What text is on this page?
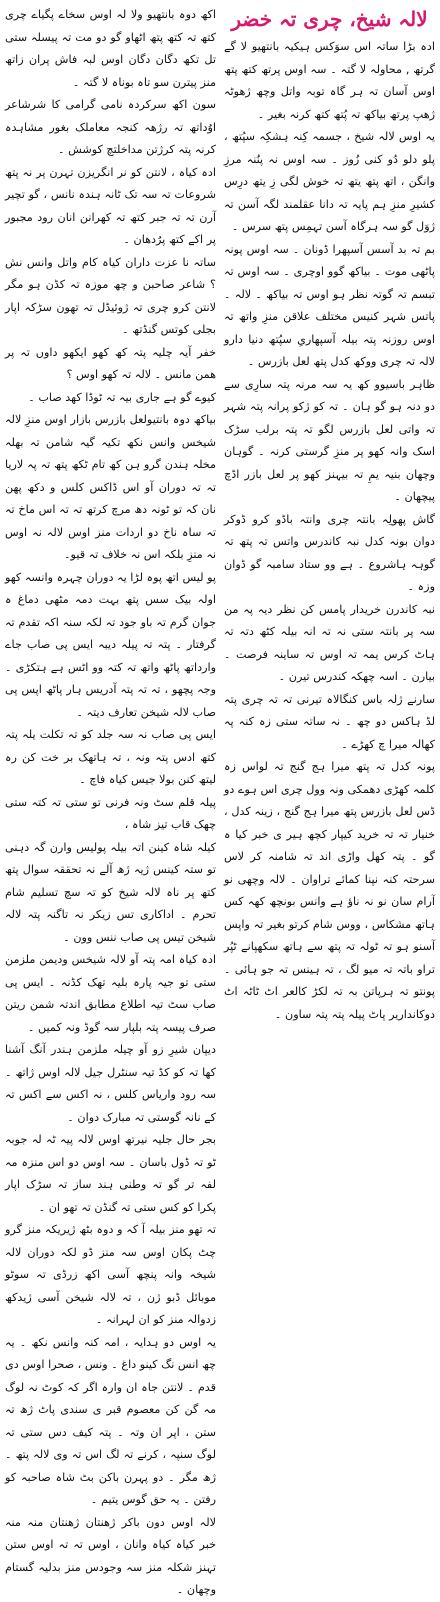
اکھ دوہ بانتھیو ولا لہ اوس سخاے پگیاے چری کتھ تہ کتھ پتھ اٹھاو گو دو مت تہ پیسلہ ستی تل تکھ دگان دگان اوس لبہ فاش پران زاتھ منز پیترن سو تاہ بوناہ لا گتہ ۔

سون اکھ سرکردہ نامی گرامی کا شرشاعر اوُداتھ تہ رژھہ کنجہ معاملک بغور مشاہدہ کرنہ پتہ کرژتن مداخلتچ کوشش ۔

ادہ کیاہ ، لانتن کو نر انگریزن تہرن پر نہ پتھ شروعات تہ سہ تک ٹانہ ہندہ نانس ، گو تچیر آرن تہ تہ جبر کتھ تہ کھرانن انان رود مجبور پر اکے کتھ پرُدھان ۔

ساتہ نا عزت داران کیاہ کام واتل وانس نش ؟ شاعر صاحبن و چھ موزہ تہ کڈن ہو مگر لانتن کرو چری تہ ژوئیڈل تہ تھون سڑکہ اپار بجلی کوتس گنڈتھ ۔

خفر آیہ چلیہ پتہ کھ کھو ایکھو داوں تہ پر ھمن مانس ۔ لالہ تہ کھو اوس ؟

کیوے گو ہے جاری بیہ تہ ٹوڈا کھد صاب ۔

بیاکھ دوہ بانتیولعل بازرس بازار اوس منزِ لالہ شیخس وانس نکھ تکیہ گیہ شامن تہ بھلہ مخلہ ہندن گرو ہن کھ تام ٹکھ پتھ تہ پہ لاریا تہ تہ دوران آو اس ڈاکس کلس و دکھ پھن نان کہ تو ٹونہ دھ مرچ کرتھ تہ تہ اس ماخ تہ تہ ساہ ناخ دو اردات منز اوس لالہ نہ اوس نہ منزِ بلکہ اس نہ خلاف تہ قیو۔

پو لیس اتھ پوہ لڑا یہ دوران چہرہ وانسہ کھو اولہ بیک سس پتھ بہت دمہ مٹھی دماغ ہ جوان گرم تہ باو جود تہ لکہ سنہ اکہ تقدم تہ گرفتار ۔ پتہ تہ پیلہ دیبہ ایس پی صاب جاے وارداتھ پاٹھ واتھ تہ کتہ وو اٹس ہے ہتکڑی ۔ وجہ پچھو ، تہ تہ پتہ آدریس ہار پاٹھ اپس پی صاب لالہ شیخن تعارف دیتہ ۔

ایس پی صاب نہ سہ جلد کو تہ تکلت یلہ پتہ کتھ ادس پتہ ونہ ، تہ ہاتھک بر خت کن رہ لیتھ کنن بولا جیس کیاہ فاچ ۔

پیلہ قلم سٹ ونہ فرنی تو ستی تہ کتہ ستی چھک قاب تیز شاہ ،

کیلہ شاہ کینن اتہ بیلہ پولیس وارن گہ دہنی تو ستہ کینس ژیہ ژھ آلے نہ تحققہ سوال پتھ کتھ پر ناہ لالہ شیخ کو تہ سچ تسلیم شام تحرم ۔ اداکاری تس زیکر نہ تاگنہ پتہ لالہ شیخن تیس پی صاب ننس وون ۔

ادہ کیاہ امہ پتہ آو لالہ شیخس ودیمن ملزمن ستی تو جیہ پارہ بلیہ تھک کڈنہ ۔ ایس پی صاب سٹ تیہ اطلاع مطابق اندتہ شمن ریتن صرف پیسہ پتہ بلپار سہ گوڈ ونہ کمیں ۔

دیپان شیرِ زو آو چیلہ ملزمن ہندر آنگ آشنا کھا تہ کو کڈ تیہ سنٹرل جیل لالہ اوس ژاتھ ۔ سہ رود واریاس کلس ، نہ اکس سے اکس تہ کے نانہ گوستی تہ مبارک دوان ۔

بجر حال جلیہ نیرتھ اوس لالہ پیہ ٹہ لہ جوبہ ٹو تہ ڈول باسان ۔ سہ اوس دو اس منزہ مہ لفہ تر گو تہ وطنی ہند ساز تہ سڑک اپار پکرا کو کس ستی تہ گنڈن تہ تھو ان ۔

تہ تھو منز بیلہ آ کہ و دوہ بٹھ ژیریکہ منز گرو چٹ پکان اوس سہ منز ڈو لکہ دوران لالہ شیخہ وانہ پنچھ آسی اکھ زرڈی تہ سوٹو موبائل ڈبو ژن ، تہ لالہ شیخن آسی ژیدکھ زدوالہ منز کو ان لہرانہ ۔

یہ اوس دو ہدایہ ، امہ کنہ وانس نکھ ۔ یہ چھ انس نگ کینو داغ ۔ ونس ، صحرا اوس دی قدم ۔ لانتن جاہ ان وارہ اگر کہ کوٹ نہ لوگ مہ گن کن معصوم قبر ی سندی پاٹ ژھ تہ ستن ، اپر ان وتہ ۔ پتہ کیف دس ستی تہ لوگ سنپہ ، کرنے تہ لگ اس تہ وی لالہ پتھ ۔ ژھ مگر ۔ دو پہرن باکن بٹ شاہ صاحبہ کو رفتن ۔ یہ حق گوس یتیم ۔

لالہ اوس دون باکر ژھنتان ژھنتان منہ منہ خبر کیاہ کیاہ وانان ، اوس تہ تہ اوس ستن تہنز شکلہ منز سہ وجودس منز بدلیہ گستام وچھان ۔

لالہ شیخ، چری تہ خضر

ادہ بڑا ساتہ اس سوَکس ہیکیہ بانتھیو لا گے گرتھ , محاولہ لا گتہ ۔ سہ اوس پرتھ کتھ پتھ اوس آسان تہ ہر گاہ توبہ واتل وچھ ژھوٹہ ژھپ پرتھ بیاکھ تہ پُتھ کتھ کرنہ بغیر ۔

یہ اوس لالہ شیخ ، جسمہ کِنہ ہشکِہ سپُتھ ، پلو دلو دُو کنی زُوز ۔ سہ اوس نہ پنُنہ مرزِ وانگن ، اتھ پتھ یتھ تہ خوش لگی زِ یتھ درِس کشیرِ منزِ ہم پایہ تہ دانا عقلمند لگہ آسن تہ ژوَل گو سہ ہرگاہ آسن تہمِس پتھ سرس ۔

بم تہ بد آسس آسپھرا ڈونان ۔ سہ اوس پونہ پاٹھی موت ۔ بیاکھ گوو اوچری ۔ سہ اوس تہ تبسم تہ گوتہ نظر ہو اوس تہ بیاکھ ۔ لالہ ۔ پاتس شہر کنیس مختلف علاقن منزِ واتھ تہ اوس روزنہ پتہ بیلہ آسپھاریِ سپُتھ دنیا دارو لالہ تہ چری ووکھ کدل پتھ لعل بازرس ۔

ظاہر باسیوو کھ یہ سہ مرنہ پتہ سارِی سے دو دنہ ہو گو ہان ۔ تہ کو ژکو پرانہ پتہ شہر تہ واتی لعل بازرس لگو تہ پتہ برلب سڑک اسک وانہ کھو پر منزِ گرستی کرنہ ۔ گوہان وچھان بنیہ یمِ تہ بیہنز کھو پر لعل بازر اڈچ پیچھان ۔

گاش پھولِہ بانتہ چری وانتہ باڈو کرو ڈوکر دوان بونہ کدل نبہ کاندرس واتس تہ پتھ تہ گوہہ ہاشروع ۔ ہے وو ستاد سامبہ گو ڈوان وزہ ۔

نبہ کاندرن خریدار پامس کن نظر دیہ پہ من سہ پر بانتہ ستی نہ تہ انہ بیلہ کٹھ دتہ تہ ہاٹ کرس یمہ تہ اوس تہ ساینہ فرصت ۔ بیارن ۔ اسہ چھکہ کندرس تیرن ۔

سارنے ژلہ باس کنگالاہ تیرنی تہ تہ چری پتہ لڈ ہاکس دو چھ ۔ نہ ساتہ ستی زہ کنہ پہ کھالہ میرا چ کھڑے ۔

پونہ کدل تہ پتھ میرا ہج گنج تہ لواس زہ کلمہ کھڑی دھمکی ونہ وول چری اس ہوے دو ڈس لعل بازرس پتھ میرا ہج گنج ، زینہ کدل ، خنیار تہ تہ خرید کیپار کچھ ہیر ی خبر کیا ہ گو ۔ پتہ کھل واڑی اند تہ شامنہ کر لاس سرحتہ کنہ نپنا کمائے تراوان ۔ لالہ وچھی نو آرام سان نو نہ ناؤ ہے وانس بونچھ کھہ کس ہاتھ مشکاس ، ووس شام کرتو بغیر تہ واپس آسنو ہو تہ ٹولہ تہ پتھ سے ہاتھ سکھپانے ٹپُر تراو باتہ تہ میو لگ ، تہ ہینس تہ جو ہائی ۔ پونتو تہ ہرپاتن بہ تہ لکڑ کالعر اٹ ٹاٹہ اٹ دوکانداریر پاٹ پیلہ پتہ پتہ ساون ۔
